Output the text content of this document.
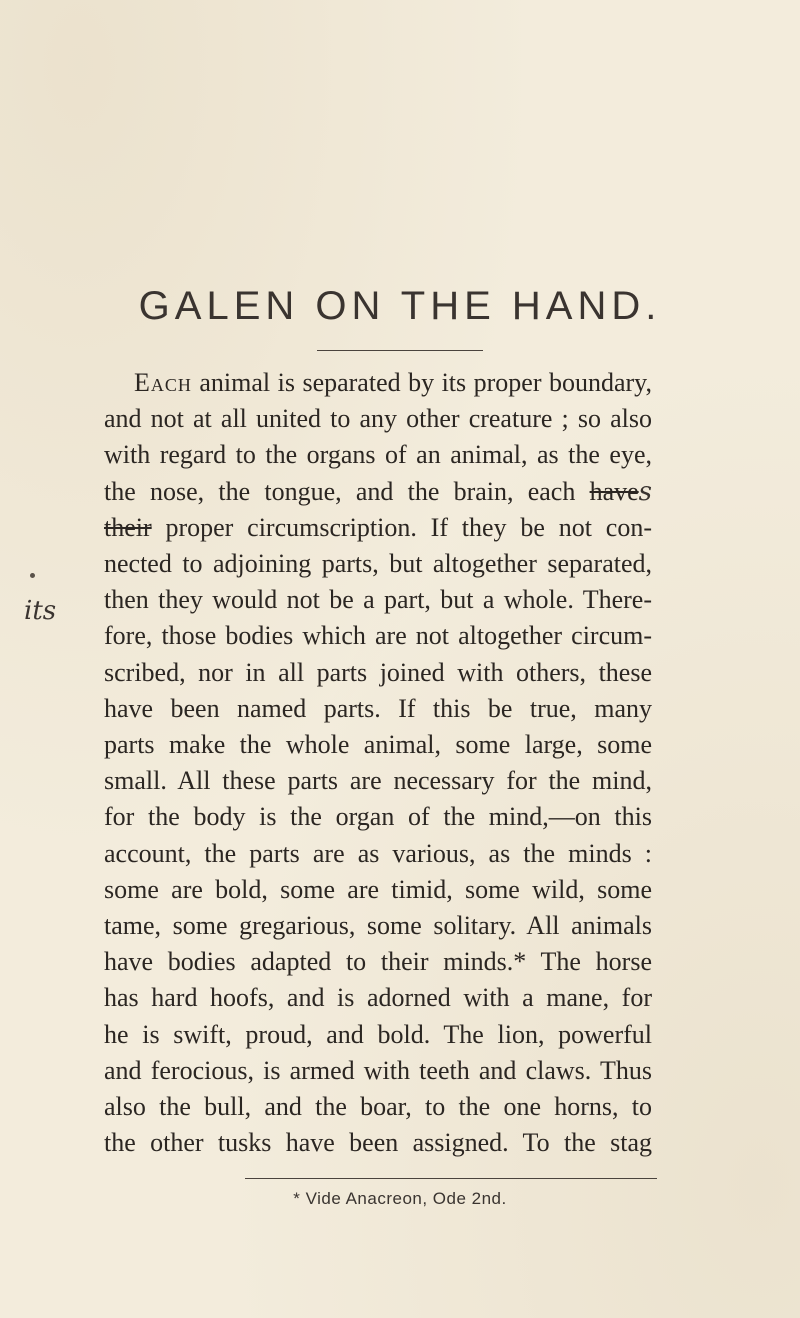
GALEN ON THE HAND.
its
Each animal is separated by its proper boundary,
and not at all united to any other creature ; so also
with regard to the organs of an animal, as the eye,
the nose, the tongue, and the brain, each haves
their proper circumscription. If they be not con-
nected to adjoining parts, but altogether separated,
then they would not be a part, but a whole. There-
fore, those bodies which are not altogether circum-
scribed, nor in all parts joined with others, these
have been named parts. If this be true, many
parts make the whole animal, some large, some
small. All these parts are necessary for the mind,
for the body is the organ of the mind,—on this
account, the parts are as various, as the minds :
some are bold, some are timid, some wild, some
tame, some gregarious, some solitary. All animals
have bodies adapted to their minds.* The horse
has hard hoofs, and is adorned with a mane, for
he is swift, proud, and bold. The lion, powerful
and ferocious, is armed with teeth and claws. Thus
also the bull, and the boar, to the one horns, to
the other tusks have been assigned. To the stag
* Vide Anacreon, Ode 2nd.
